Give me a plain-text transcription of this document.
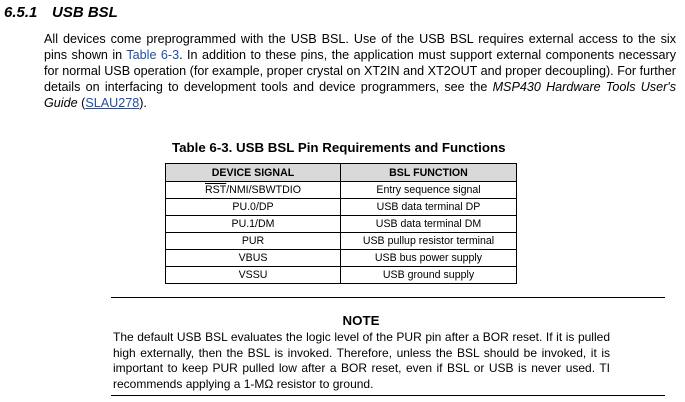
6.5.1 USB BSL

All devices come preprogrammed with the USB BSL. Use of the USB BSL requires external access to the six pins shown in Table 6-3. In addition to these pins, the application must support external components necessary for normal USB operation (for example, proper crystal on XT2IN and XT2OUT and proper decoupling). For further details on interfacing to development tools and device programmers, see the MSP430 Hardware Tools User's Guide (SLAU278).

Table 6-3. USB BSL Pin Requirements and Functions
DEVICE SIGNAL	BSL FUNCTION
$\overline{RST}/NMI$/SBWTDIO	Entry sequence signal
PU.0/DP	USB data terminal DP
PU.1/DM	USB data terminal DM
PUR	USB pullup resistor terminal
VBUS	USB bus power supply
VSSU	USB ground supply
NOTE

The default USB BSL evaluates the logic level of the PUR pin after a BOR reset. If it is pulled high externally, then the BSL is invoked. Therefore, unless the BSL should be invoked, it is important to keep PUR pulled low after a BOR reset, even if BSL or USB is never used. TI recommends applying a 1-MΩ resistor to ground.
